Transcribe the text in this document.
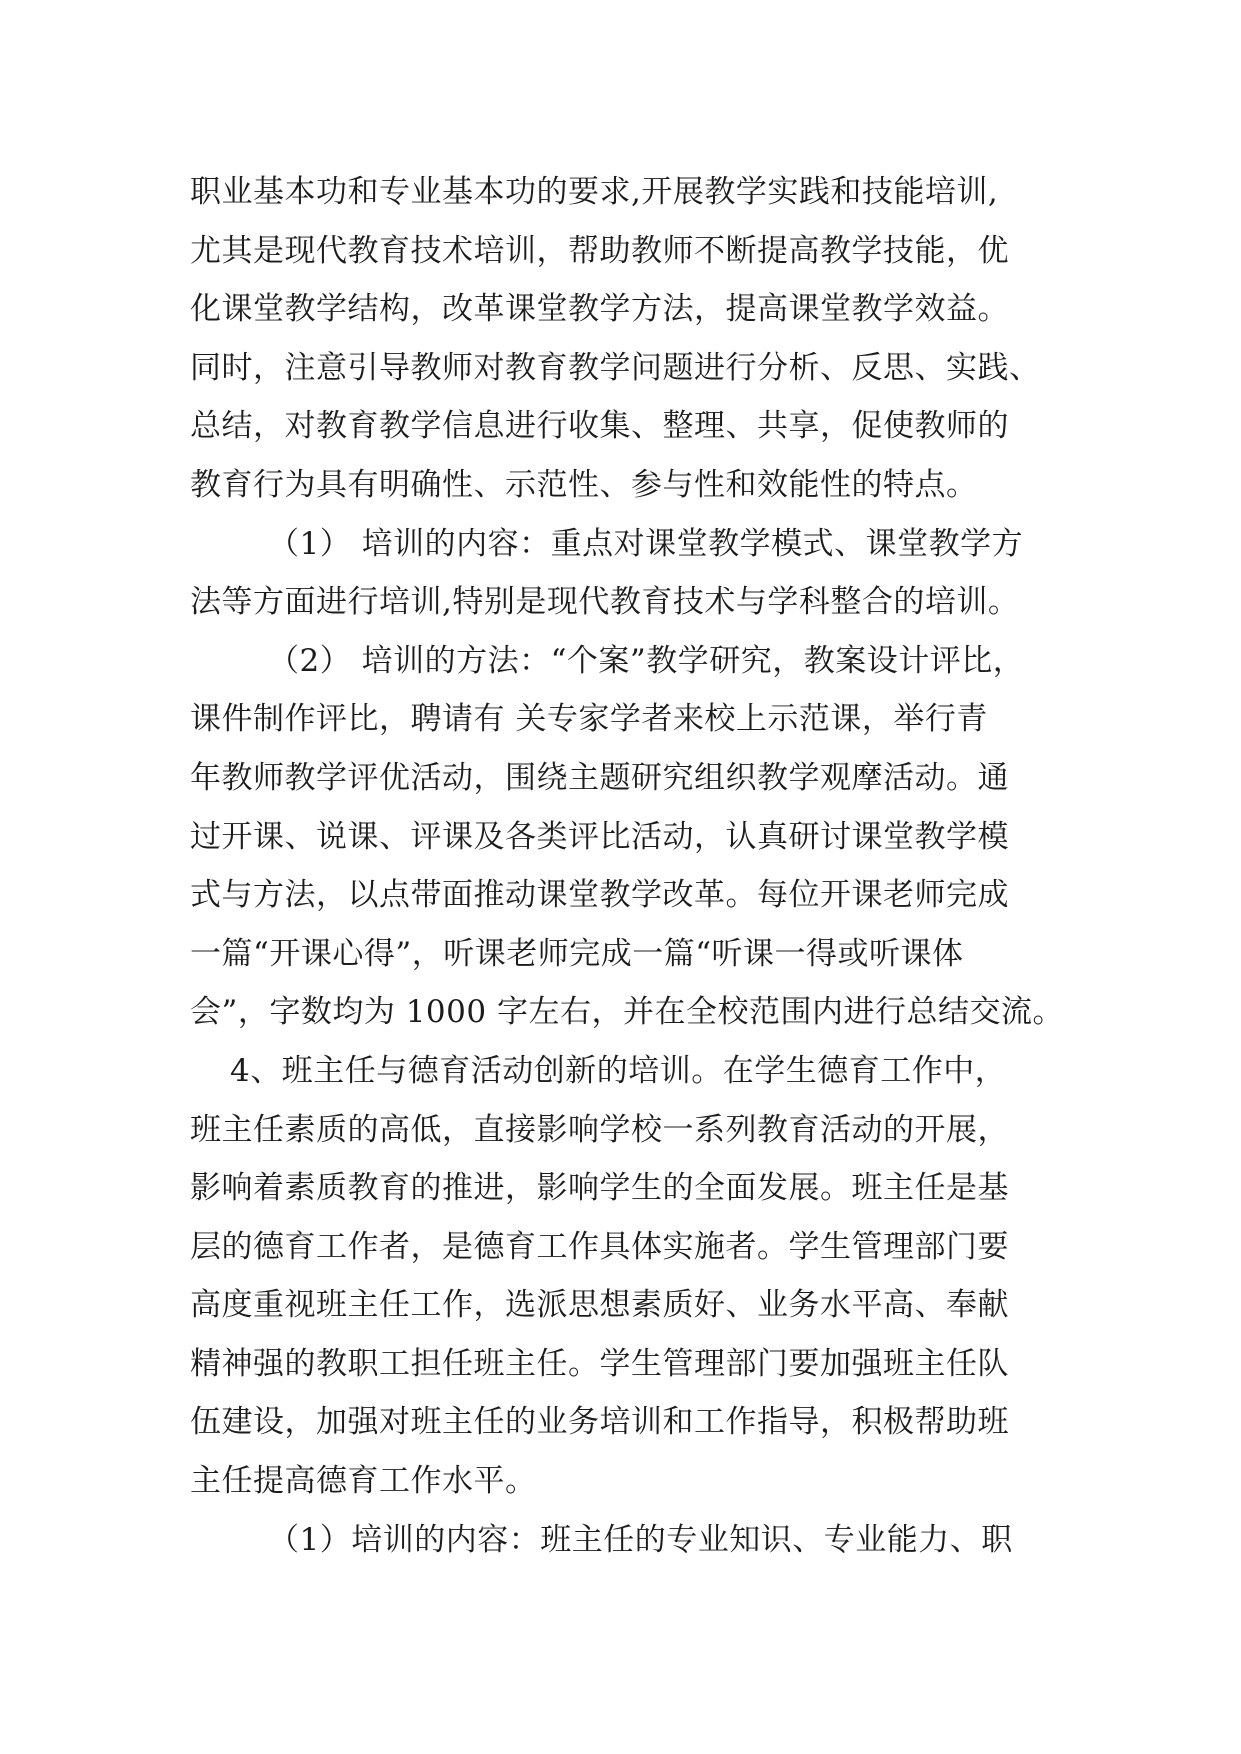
职业基本功和专业基本功的要求,开展教学实践和技能培训,
尤其是现代教育技术培训，帮助教师不断提高教学技能，优
化课堂教学结构，改革课堂教学方法，提高课堂教学效益。
同时，注意引导教师对教育教学问题进行分析、反思、实践、
总结，对教育教学信息进行收集、整理、共享，促使教师的
教育行为具有明确性、示范性、参与性和效能性的特点。
（1） 培训的内容：重点对课堂教学模式、课堂教学方
法等方面进行培训,特别是现代教育技术与学科整合的培训。
（2） 培训的方法：“个案”教学研究，教案设计评比，
课件制作评比，聘请有 关专家学者来校上示范课，举行青
年教师教学评优活动，围绕主题研究组织教学观摩活动。通
过开课、说课、评课及各类评比活动，认真研讨课堂教学模
式与方法，以点带面推动课堂教学改革。每位开课老师完成
一篇“开课心得”，听课老师完成一篇“听课一得或听课体
会”，字数均为 1000 字左右，并在全校范围内进行总结交流。
4、班主任与德育活动创新的培训。在学生德育工作中，
班主任素质的高低，直接影响学校一系列教育活动的开展，
影响着素质教育的推进，影响学生的全面发展。班主任是基
层的德育工作者，是德育工作具体实施者。学生管理部门要
高度重视班主任工作，选派思想素质好、业务水平高、奉献
精神强的教职工担任班主任。学生管理部门要加强班主任队
伍建设，加强对班主任的业务培训和工作指导，积极帮助班
主任提高德育工作水平。
（1）培训的内容：班主任的专业知识、专业能力、职
